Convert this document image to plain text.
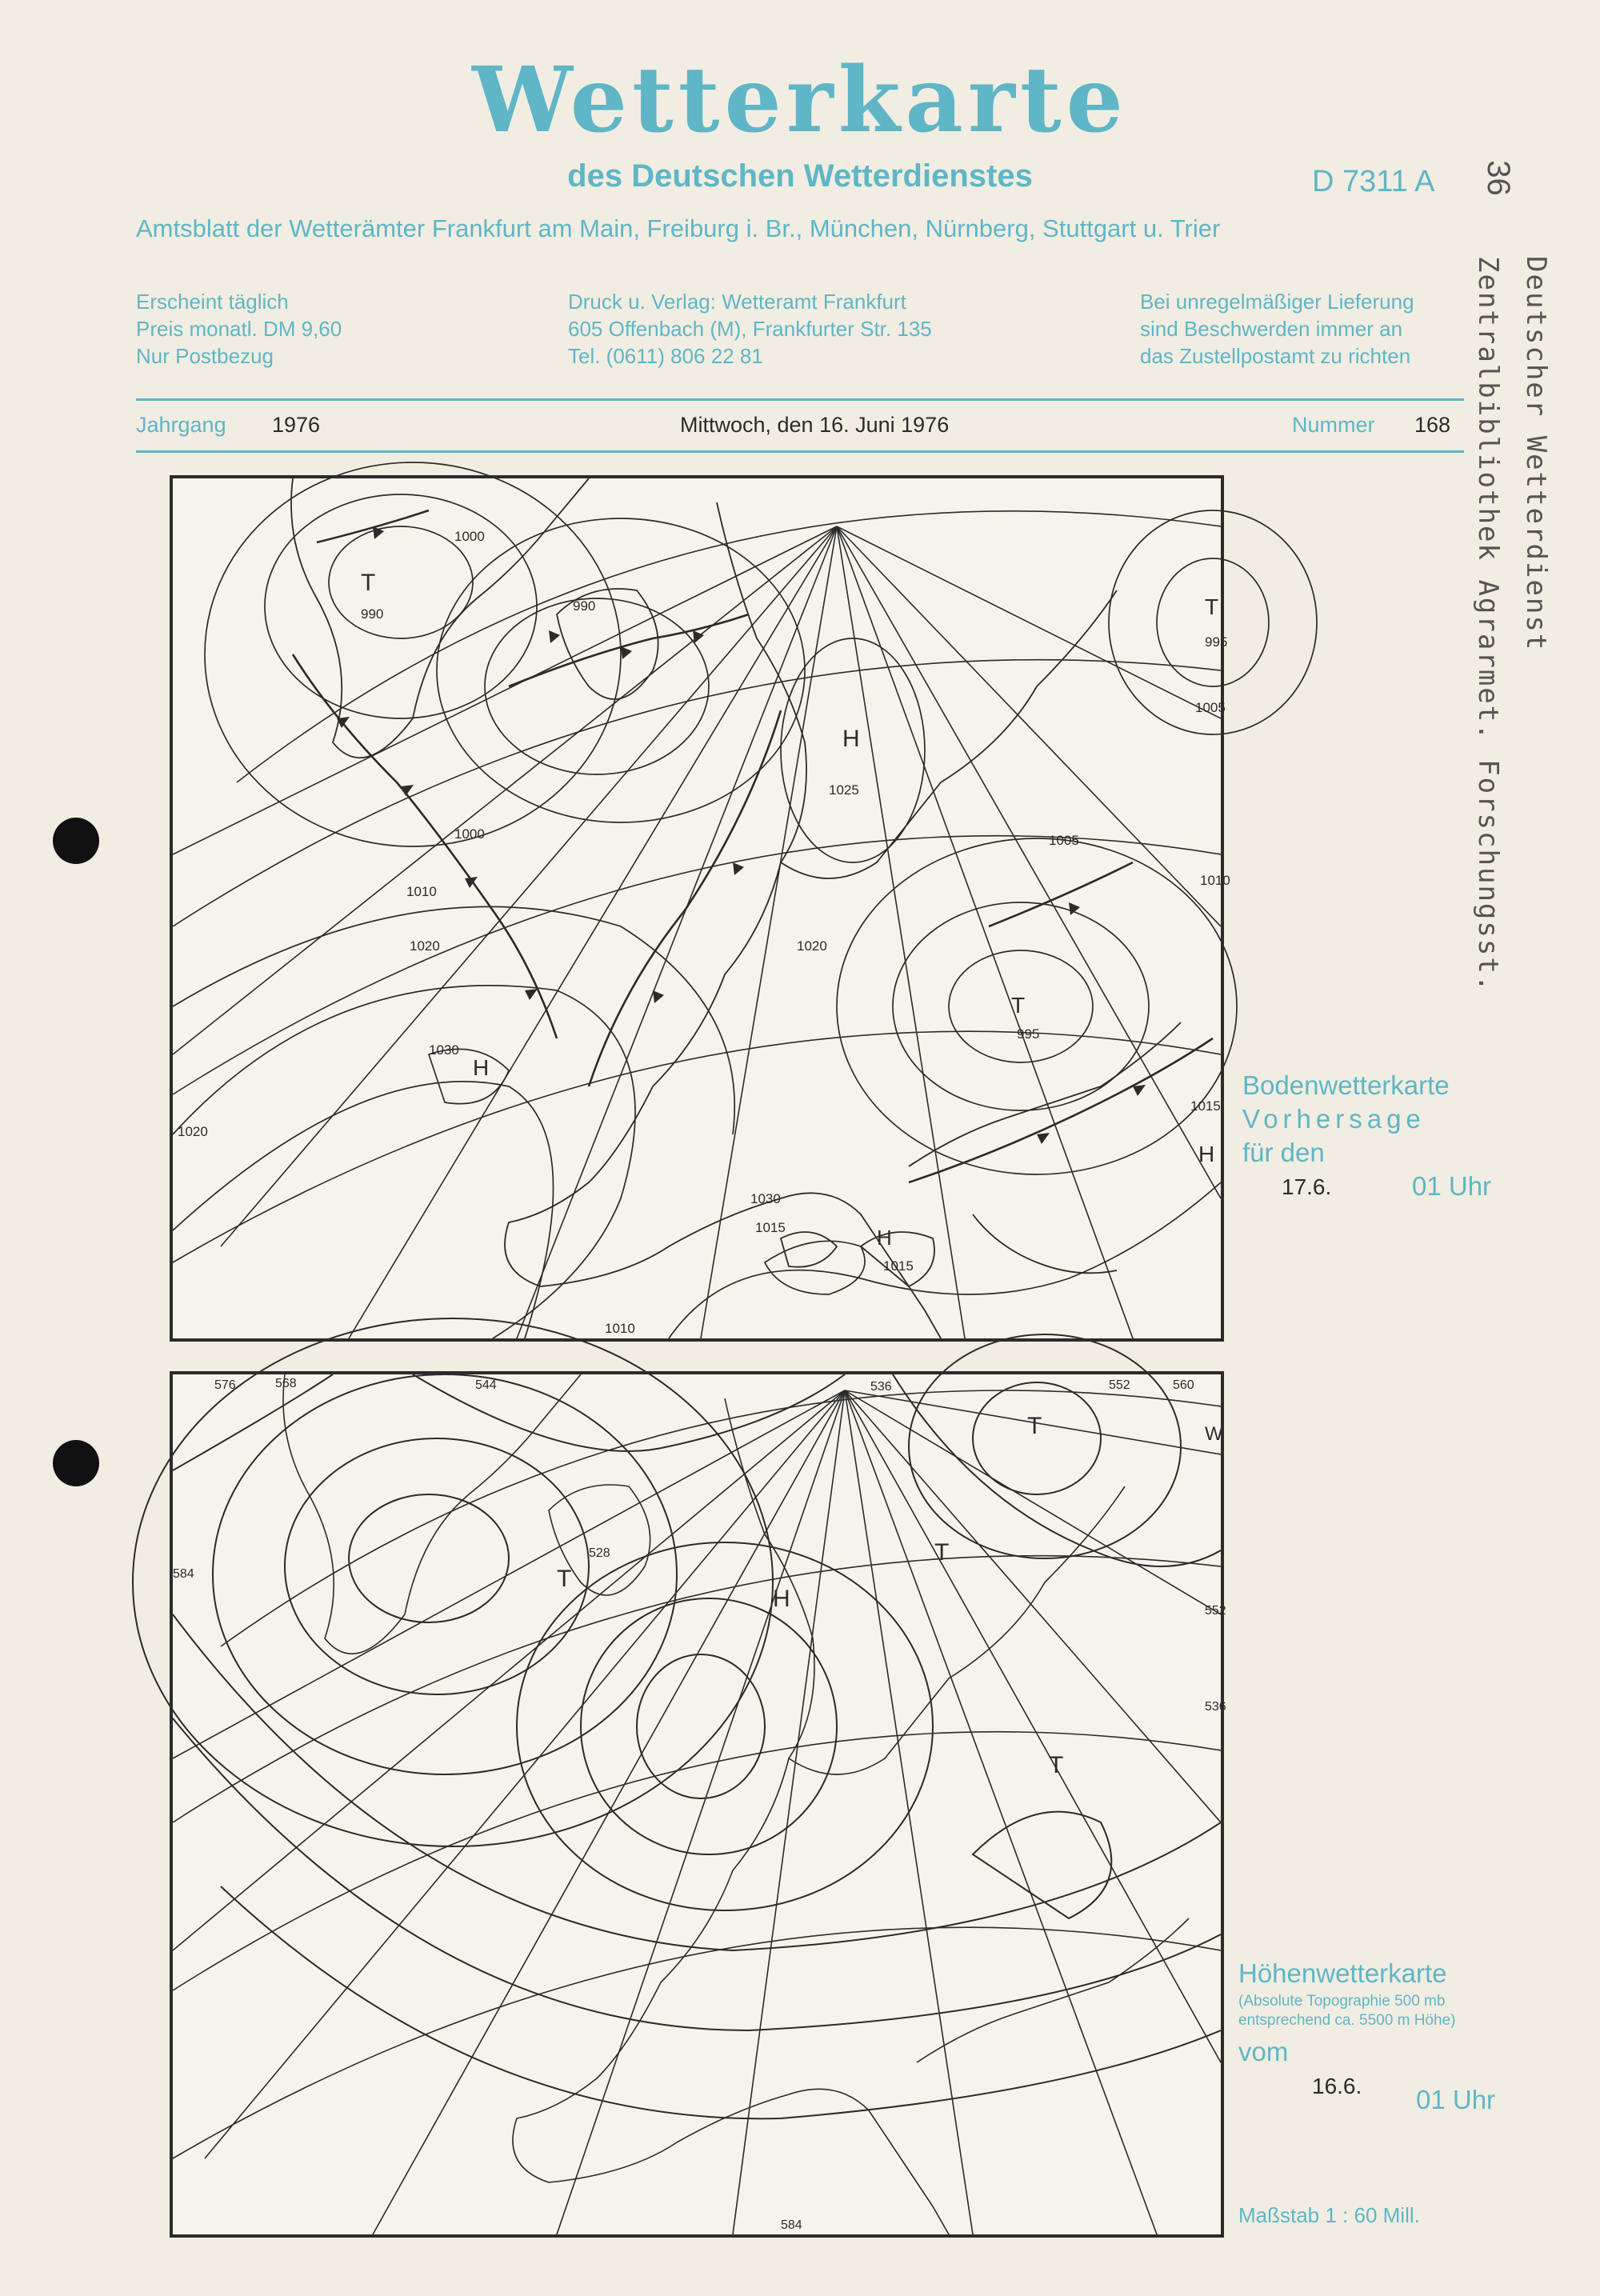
Wetterkarte
des Deutschen Wetterdienstes	D 7311 A
Amtsblatt der Wetterämter Frankfurt am Main, Freiburg i. Br., München, Nürnberg, Stuttgart u. Trier
Erscheint täglich
Preis monatl. DM 9,60
Nur Postbezug
Druck u. Verlag: Wetteramt Frankfurt
605 Offenbach (M), Frankfurter Str. 135
Tel. (0611) 806 22 81
Bei unregelmäßiger Lieferung
sind Beschwerden immer an
das Zustellpostamt zu richten
Jahrgang 1976	Mittwoch, den 16. Juni 1976	Nummer 168 Zentralbibliothek Agrarmet. Forschungsst. Deutscher Wetterdienst
36
T
T
T
H
H
H
H
990
990
995
995
1000
1000
1005
1005
1010
1010
1010
1015
1015
1015
1020	1020
1020
1025
1030
1030
Bodenwetterkarte
Vorhersage
für den
17.6.	01 Uhr
T
T
T
T
H
W
576	568	560
552
544	536
528
584
584
536
552
Höhenwetterkarte
(Absolute Topographie 500 mb
entsprechend ca. 5500 m Höhe)
vom
16.6. 01 Uhr
Maßstab 1 : 60 Mill.
